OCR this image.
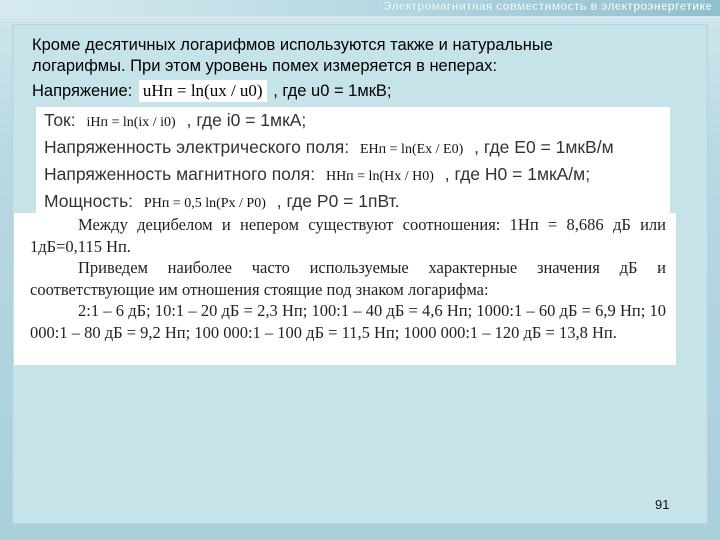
Электромагнитная совместимость в электроэнергетике
Кроме десятичных логарифмов используются также и натуральные
логарифмы. При этом уровень помех измеряется в неперах:
Напряжение: uНп = ln(ux / u0) , где u0 = 1мкВ;
Ток: iНп = ln(ix / i0) , где i0 = 1мкА;
Напряженность электрического поля: EНп = ln(Ex / E0) , где E0 = 1мкВ/м
Напряженность магнитного поля: HНп = ln(Hx / H0) , где H0 = 1мкА/м;
Мощность: PНп = 0,5 ln(Px / P0) , где P0 = 1пВт.

Между децибелом и непером существуют соотношения: 1Нп = 8,686 дБ или 1дБ=0,115 Нп.

Приведем наиболее часто используемые характерные значения дБ и соответствующие им отношения стоящие под знаком логарифма:

2:1 – 6 дБ; 10:1 – 20 дБ = 2,3 Нп; 100:1 – 40 дБ = 4,6 Нп; 1000:1 – 60 дБ = 6,9 Нп; 10 000:1 – 80 дБ = 9,2 Нп; 100 000:1 – 100 дБ = 11,5 Нп; 1000 000:1 – 120 дБ = 13,8 Нп.

91
